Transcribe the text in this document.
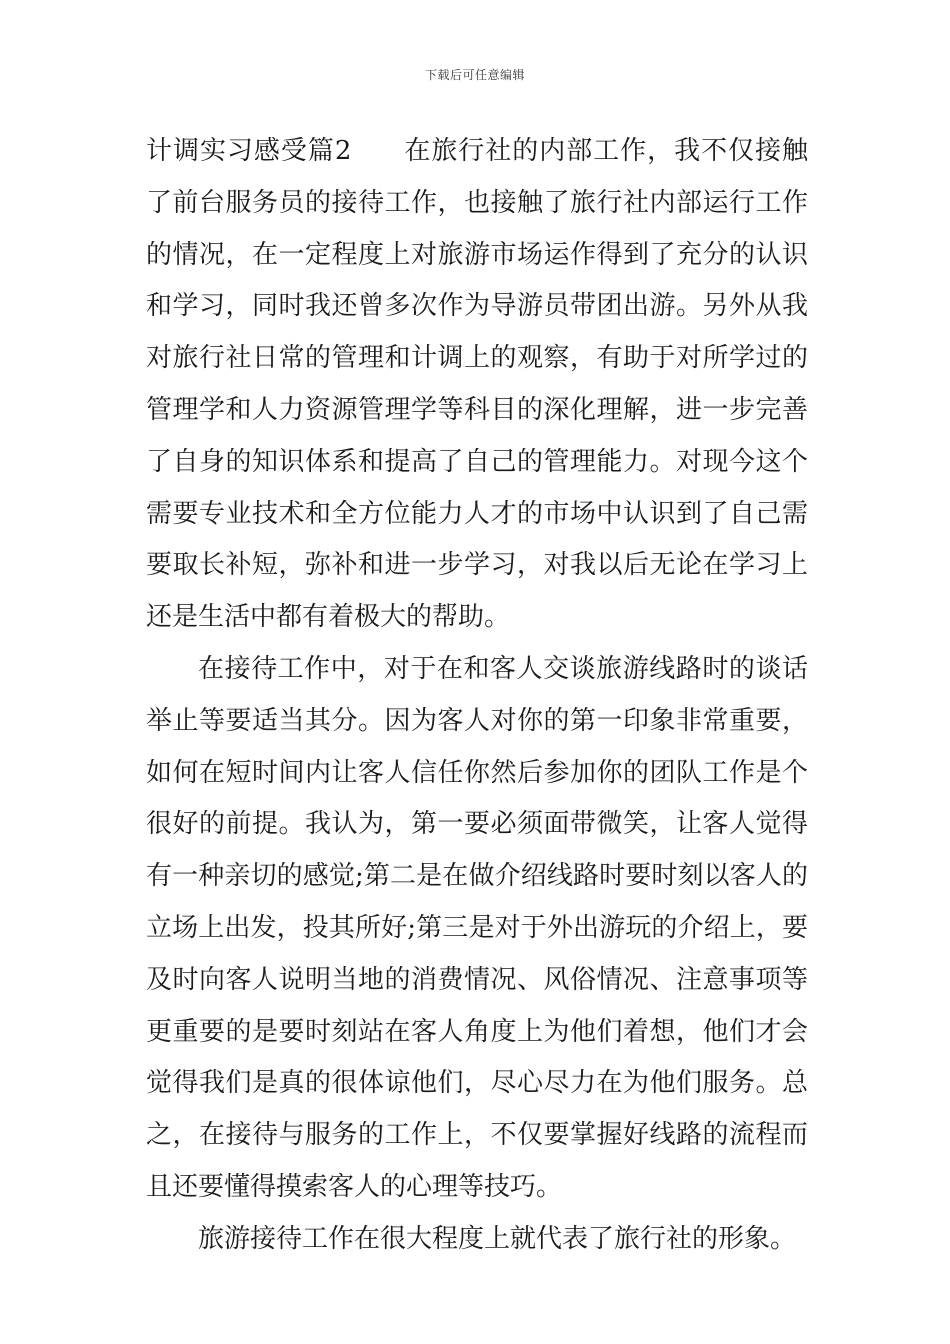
下载后可任意编辑

计调实习感受篇2 在旅行社的内部工作，我不仅接触了前台服务员的接待工作，也接触了旅行社内部运行工作的情况，在一定程度上对旅游市场运作得到了充分的认识和学习，同时我还曾多次作为导游员带团出游。另外从我对旅行社日常的管理和计调上的观察，有助于对所学过的管理学和人力资源管理学等科目的深化理解，进一步完善了自身的知识体系和提高了自己的管理能力。对现今这个需要专业技术和全方位能力人才的市场中认识到了自己需要取长补短，弥补和进一步学习，对我以后无论在学习上还是生活中都有着极大的帮助。

在接待工作中，对于在和客人交谈旅游线路时的谈话举止等要适当其分。因为客人对你的第一印象非常重要，如何在短时间内让客人信任你然后参加你的团队工作是个很好的前提。我认为，第一要必须面带微笑，让客人觉得有一种亲切的感觉;第二是在做介绍线路时要时刻以客人的立场上出发，投其所好;第三是对于外出游玩的介绍上，要及时向客人说明当地的消费情况、风俗情况、注意事项等更重要的是要时刻站在客人角度上为他们着想，他们才会觉得我们是真的很体谅他们，尽心尽力在为他们服务。总之，在接待与服务的工作上，不仅要掌握好线路的流程而且还要懂得摸索客人的心理等技巧。

旅游接待工作在很大程度上就代表了旅行社的形象。
